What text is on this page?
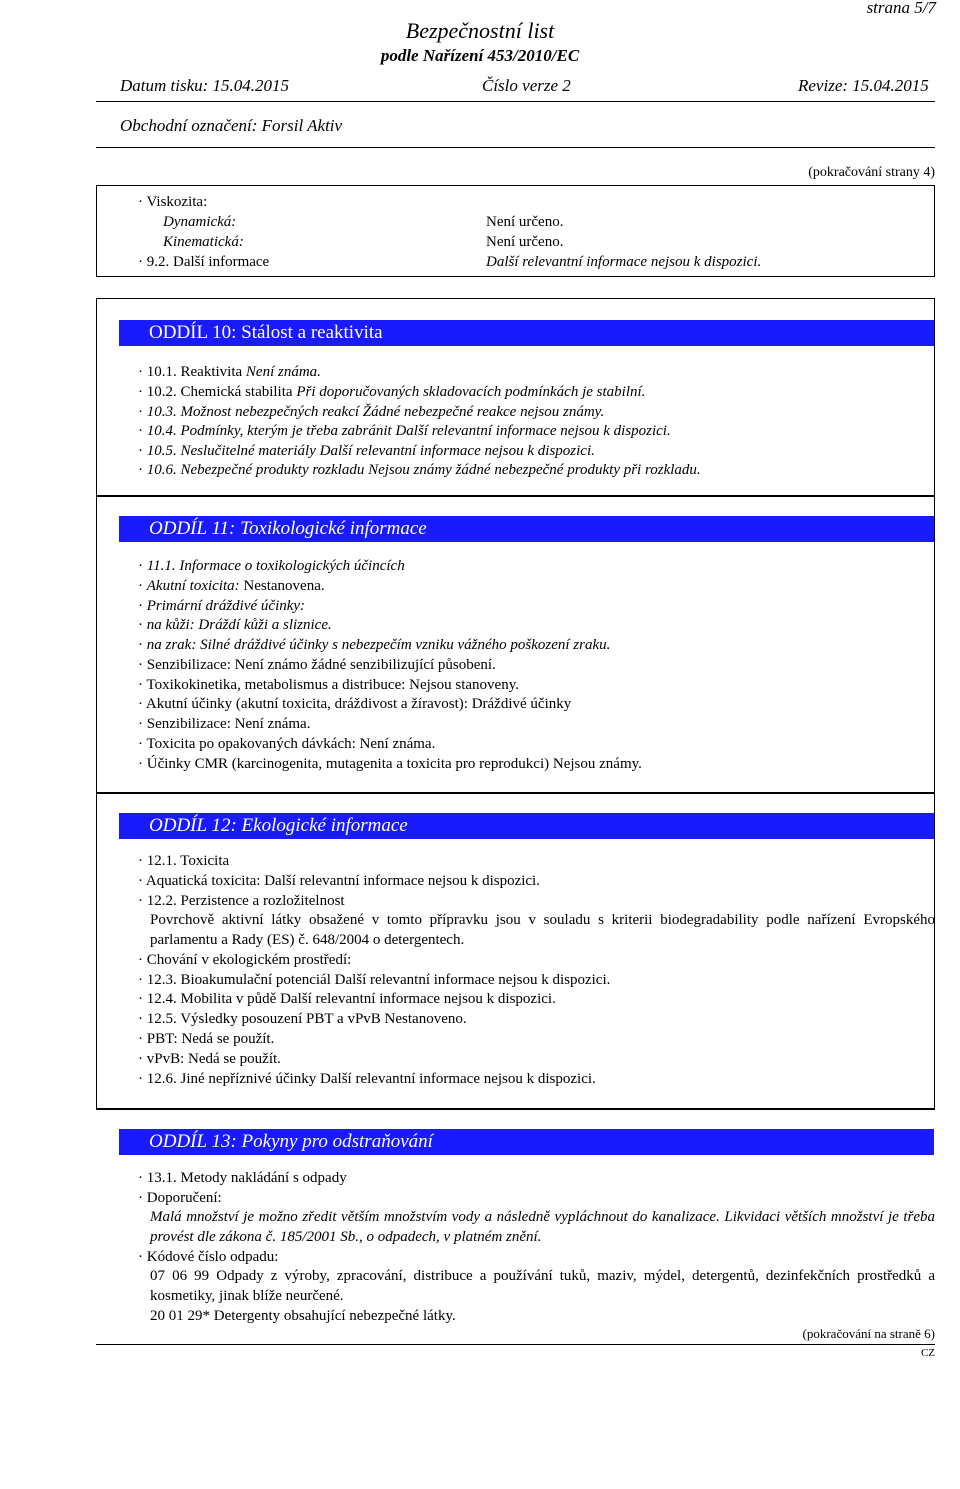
strana 5/7
Bezpečnostní list
podle Nařízení 453/2010/EC
Datum tisku: 15.04.2015	Číslo verze 2	Revize: 15.04.2015
Obchodní označení: Forsil Aktiv
(pokračování strany 4)
· Viskozita:
Dynamická:	Není určeno.
Kinematická:	Není určeno.
· 9.2. Další informace	Další relevantní informace nejsou k dispozici.
ODDÍL 10: Stálost a reaktivita
· 10.1. Reaktivita Není známa.
· 10.2. Chemická stabilita Při doporučovaných skladovacích podmínkách je stabilní.
· 10.3. Možnost nebezpečných reakcí Žádné nebezpečné reakce nejsou známy.
· 10.4. Podmínky, kterým je třeba zabránit Další relevantní informace nejsou k dispozici.
· 10.5. Neslučitelné materiály Další relevantní informace nejsou k dispozici.
· 10.6. Nebezpečné produkty rozkladu Nejsou známy žádné nebezpečné produkty při rozkladu.
ODDÍL 11: Toxikologické informace
· 11.1. Informace o toxikologických účincích
· Akutní toxicita: Nestanovena.
· Primární dráždivé účinky:
· na kůži: Dráždí kůži a sliznice.
· na zrak: Silné dráždivé účinky s nebezpečím vzniku vážného poškození zraku.
· Senzibilizace: Není známo žádné senzibilizující působení.
· Toxikokinetika, metabolismus a distribuce: Nejsou stanoveny.
· Akutní účinky (akutní toxicita, dráždivost a žíravost): Dráždivé účinky
· Senzibilizace: Není známa.
· Toxicita po opakovaných dávkách: Není známa.
· Účinky CMR (karcinogenita, mutagenita a toxicita pro reprodukci) Nejsou známy.
ODDÍL 12: Ekologické informace
· 12.1. Toxicita
· Aquatická toxicita: Další relevantní informace nejsou k dispozici.
· 12.2. Perzistence a rozložitelnost
Povrchově aktivní látky obsažené v tomto přípravku jsou v souladu s kriterii biodegradability podle nařízení Evropského parlamentu a Rady (ES) č. 648/2004 o detergentech.
· Chování v ekologickém prostředí:
· 12.3. Bioakumulační potenciál Další relevantní informace nejsou k dispozici.
· 12.4. Mobilita v půdě Další relevantní informace nejsou k dispozici.
· 12.5. Výsledky posouzení PBT a vPvB Nestanoveno.
· PBT: Nedá se použít.
· vPvB: Nedá se použít.
· 12.6. Jiné nepříznivé účinky Další relevantní informace nejsou k dispozici.
ODDÍL 13: Pokyny pro odstraňování
· 13.1. Metody nakládání s odpady
· Doporučení:
Malá množství je možno zředit větším množstvím vody a následně vypláchnout do kanalizace. Likvidaci větších množství je třeba provést dle zákona č. 185/2001 Sb., o odpadech, v platném znění.
· Kódové číslo odpadu:
07 06 99 Odpady z výroby, zpracování, distribuce a používání tuků, maziv, mýdel, detergentů, dezinfekčních prostředků a kosmetiky, jinak blíže neurčené.
20 01 29* Detergenty obsahující nebezpečné látky.
(pokračování na straně 6)
CZ
